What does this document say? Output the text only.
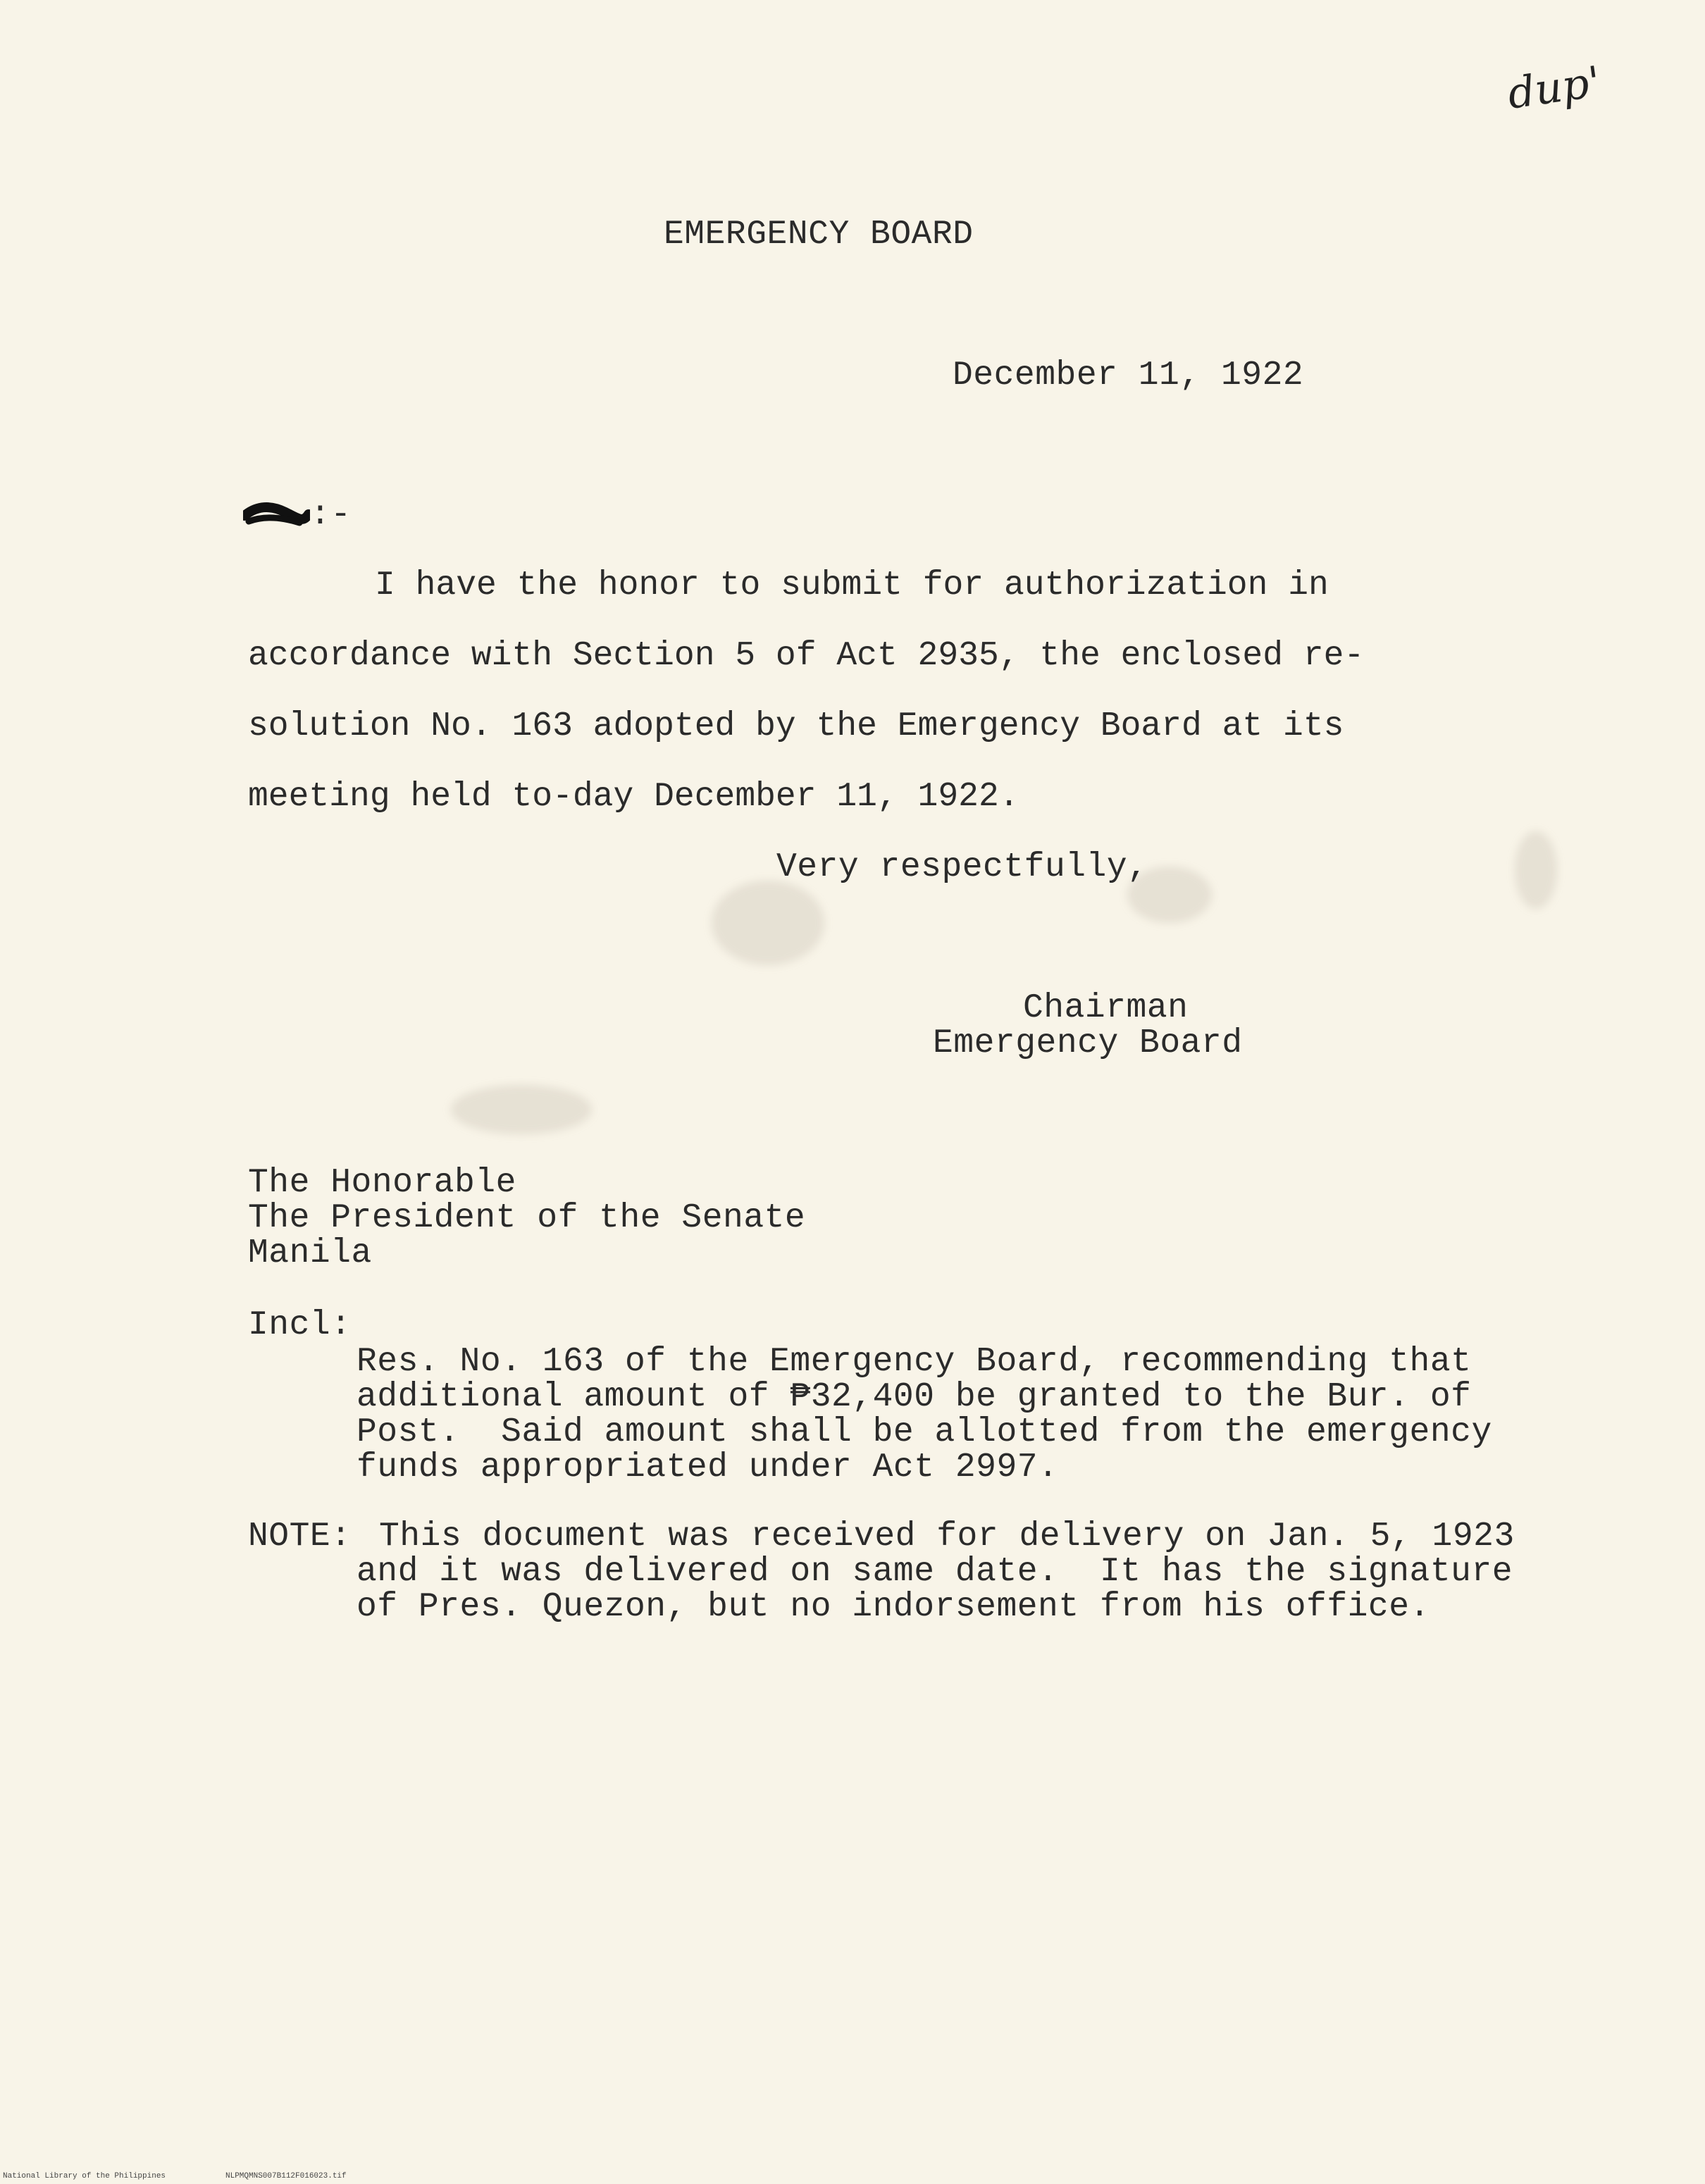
dup'
EMERGENCY BOARD
December 11, 1922
:-
I have the honor to submit for authorization in
accordance with Section 5 of Act 2935, the enclosed re-
solution No. 163 adopted by the Emergency Board at its
meeting held to-day December 11, 1922.
Very respectfully,
Chairman
Emergency Board
The Honorable
The President of the Senate
Manila
Incl:
Res. No. 163 of the Emergency Board, recommending that
additional amount of ₱32,400 be granted to the Bur. of
Post.  Said amount shall be allotted from the emergency
funds appropriated under Act 2997.
NOTE: This document was received for delivery on Jan. 5, 1923
and it was delivered on same date.  It has the signature
of Pres. Quezon, but no indorsement from his office.
National Library of the Philippines	NLPMQMNS007B112F016023.tif
